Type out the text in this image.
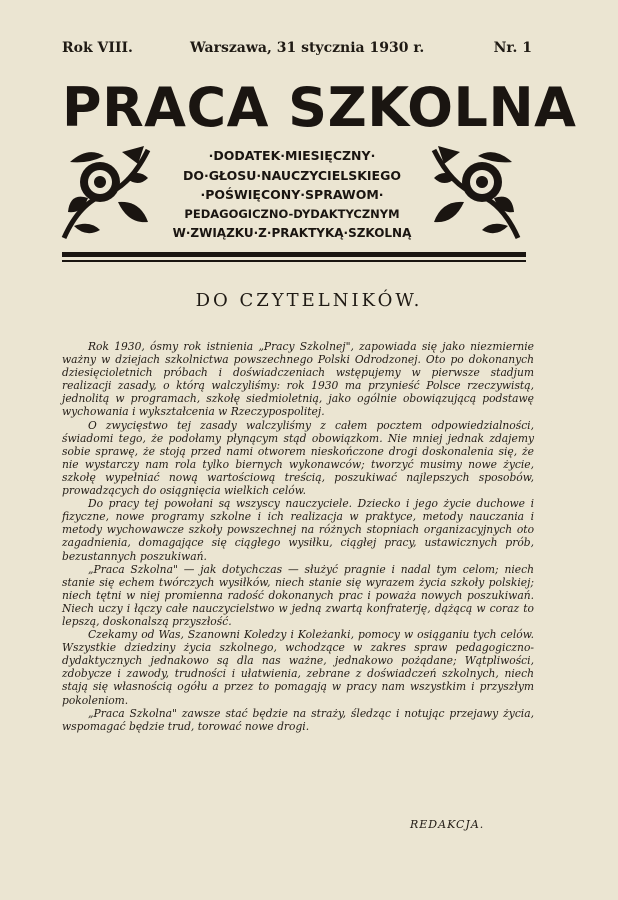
Rok VIII.	Warszawa, 31 stycznia 1930 r.	Nr. 1
PRACA SZKOLNA
·DODATEK·MIESIĘCZNY·
DO·GŁOSU·NAUCZYCIELSKIEGO
·POŚWIĘCONY·SPRAWOM·
PEDAGOGICZNO-DYDAKTYCZNYM
W·ZWIĄZKU·Z·PRAKTYKĄ·SZKOLNĄ
DO CZYTELNIKÓW.

Rok 1930, ósmy rok istnienia „Pracy Szkolnej", zapowiada się jako niezmiernie ważny w dziejach szkolnictwa powszechnego Polski Odrodzonej. Oto po dokonanych dziesięcioletnich próbach i doświadczeniach wstępujemy w pierwsze stadjum realizacji zasady, o którą walczyliśmy: rok 1930 ma przynieść Polsce rzeczywistą, jednolitą w programach, szkołę siedmioletnią, jako ogólnie obowiązującą podstawę wychowania i wykształcenia w Rzeczypospolitej.

O zwycięstwo tej zasady walczyliśmy z całem pocztem odpowiedzialności, świadomi tego, że podołamy płynącym stąd obowiązkom. Nie mniej jednak zdajemy sobie sprawę, że stoją przed nami otworem nieskończone drogi doskonalenia się, że nie wystarczy nam rola tylko biernych wykonawców; tworzyć musimy nowe życie, szkołę wypełniać nową wartościową treścią, poszukiwać najlepszych sposobów, prowadzących do osiągnięcia wielkich celów.

Do pracy tej powołani są wszyscy nauczyciele. Dziecko i jego życie duchowe i fizyczne, nowe programy szkolne i ich realizacja w praktyce, metody nauczania i metody wychowawcze szkoły powszechnej na różnych stopniach organizacyjnych oto zagadnienia, domagające się ciągłego wysiłku, ciągłej pracy, ustawicznych prób, bezustannych poszukiwań.

„Praca Szkolna" — jak dotychczas — służyć pragnie i nadal tym celom; niech stanie się echem twórczych wysiłków, niech stanie się wyrazem życia szkoły polskiej; niech tętni w niej promienna radość dokonanych prac i poważa nowych poszukiwań. Niech uczy i łączy całe nauczycielstwo w jedną zwartą konfraterję, dążącą w coraz to lepszą, doskonalszą przyszłość.

Czekamy od Was, Szanowni Koledzy i Koleżanki, pomocy w osiąganiu tych celów. Wszystkie dziedziny życia szkolnego, wchodzące w zakres spraw pedagogiczno-dydaktycznych jednakowo są dla nas ważne, jednakowo pożądane; Wątpliwości, zdobycze i zawody, trudności i ułatwienia, zebrane z doświadczeń szkolnych, niech stają się własnością ogółu a przez to pomagają w pracy nam wszystkim i przyszłym pokoleniom.

„Praca Szkolna" zawsze stać będzie na straży, śledząc i notując przejawy życia, wspomagać będzie trud, torować nowe drogi.

REDAKCJA.
